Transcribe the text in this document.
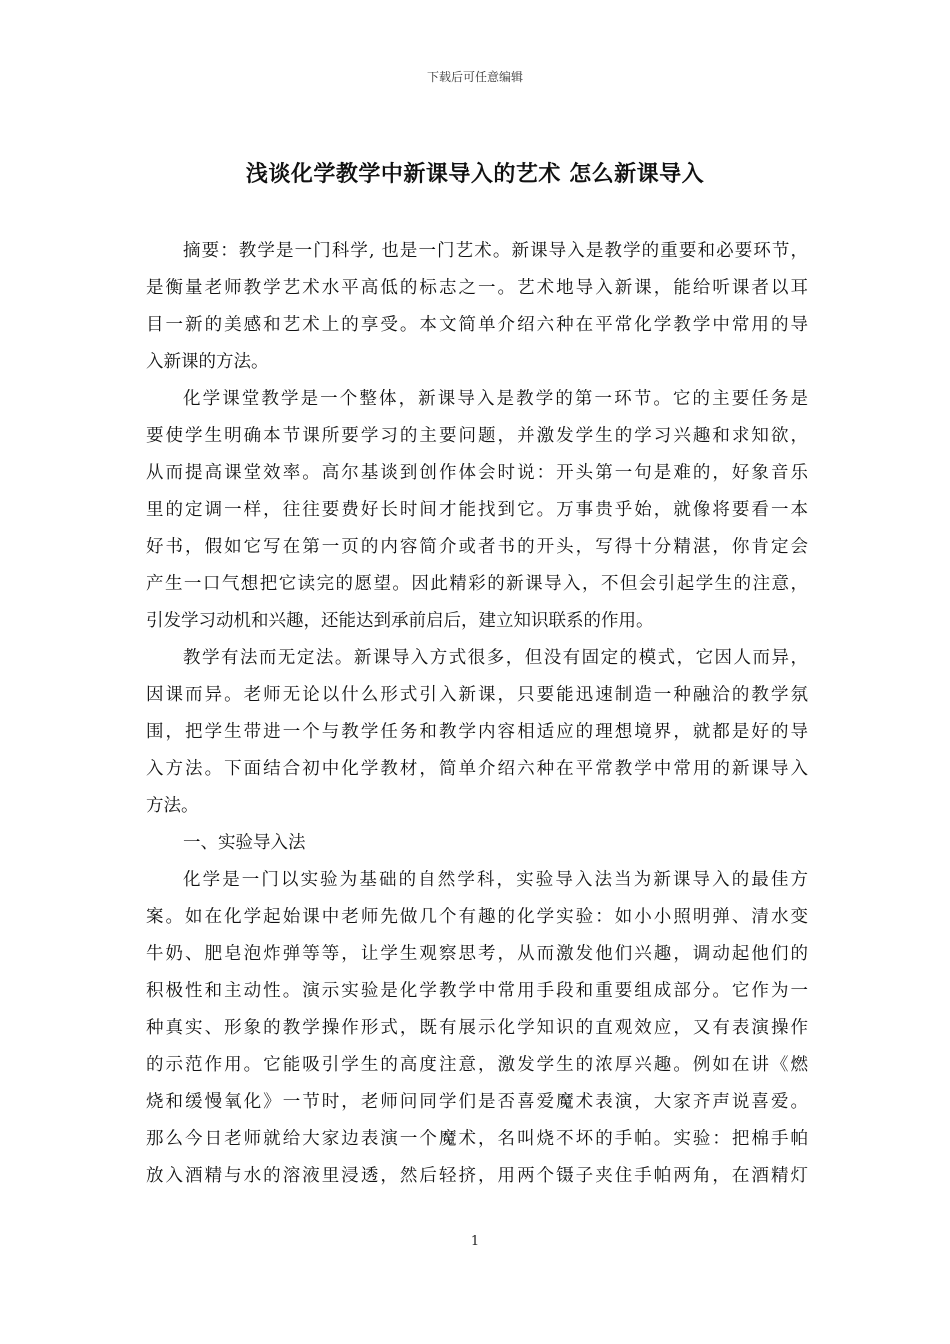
下载后可任意编辑
浅谈化学教学中新课导入的艺术 怎么新课导入
摘要：教学是一门科学, 也是一门艺术。新课导入是教学的重要和必要环节，
是衡量老师教学艺术水平高低的标志之一。艺术地导入新课，能给听课者以耳
目一新的美感和艺术上的享受。本文简单介绍六种在平常化学教学中常用的导
入新课的方法。
化学课堂教学是一个整体，新课导入是教学的第一环节。它的主要任务是
要使学生明确本节课所要学习的主要问题，并激发学生的学习兴趣和求知欲，
从而提高课堂效率。高尔基谈到创作体会时说：开头第一句是难的，好象音乐
里的定调一样，往往要费好长时间才能找到它。万事贵乎始，就像将要看一本
好书，假如它写在第一页的内容简介或者书的开头，写得十分精湛，你肯定会
产生一口气想把它读完的愿望。因此精彩的新课导入，不但会引起学生的注意，
引发学习动机和兴趣，还能达到承前启后，建立知识联系的作用。
教学有法而无定法。新课导入方式很多，但没有固定的模式，它因人而异，
因课而异。老师无论以什么形式引入新课，只要能迅速制造一种融洽的教学氛
围，把学生带进一个与教学任务和教学内容相适应的理想境界，就都是好的导
入方法。下面结合初中化学教材，简单介绍六种在平常教学中常用的新课导入
方法。
一、实验导入法
化学是一门以实验为基础的自然学科，实验导入法当为新课导入的最佳方
案。如在化学起始课中老师先做几个有趣的化学实验：如小小照明弹、清水变
牛奶、肥皂泡炸弹等等，让学生观察思考，从而激发他们兴趣，调动起他们的
积极性和主动性。演示实验是化学教学中常用手段和重要组成部分。它作为一
种真实、形象的教学操作形式，既有展示化学知识的直观效应，又有表演操作
的示范作用。它能吸引学生的高度注意，激发学生的浓厚兴趣。例如在讲《燃
烧和缓慢氧化》一节时，老师问同学们是否喜爱魔术表演，大家齐声说喜爱。
那么今日老师就给大家边表演一个魔术，名叫烧不坏的手帕。实验：把棉手帕
放入酒精与水的溶液里浸透，然后轻挤，用两个镊子夹住手帕两角，在酒精灯
1
